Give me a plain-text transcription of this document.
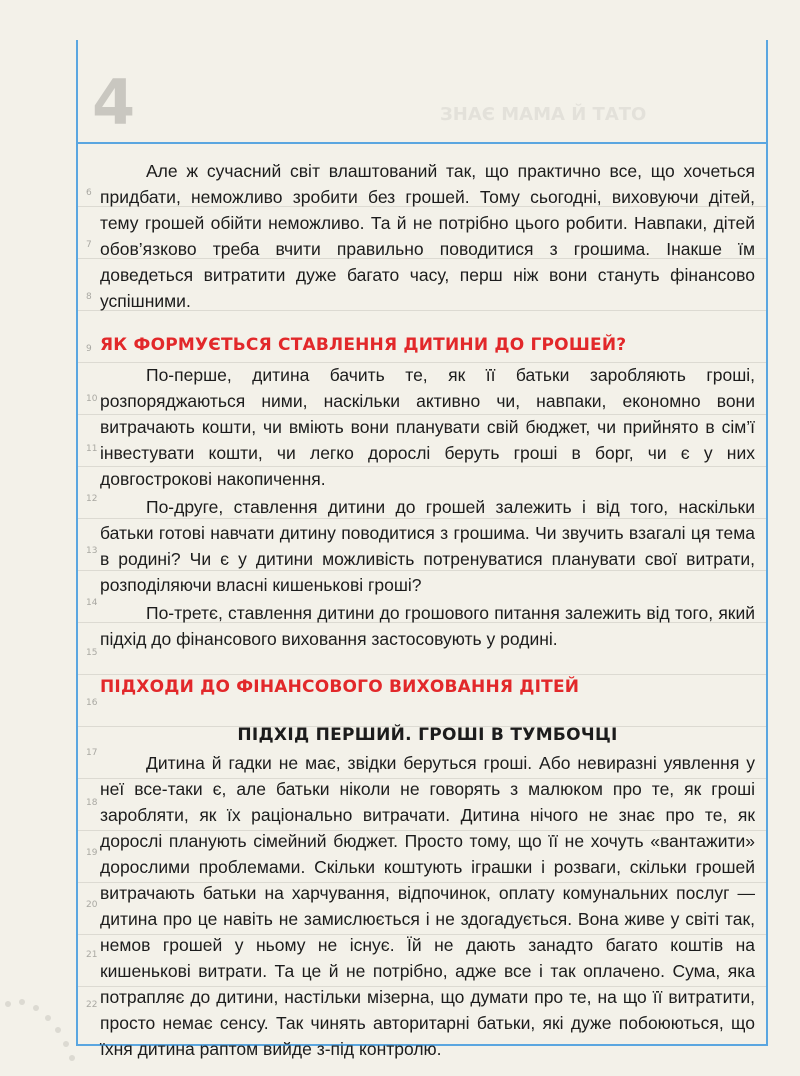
4	ЗНАЄ МАМА Й ТАТО
6
7
8
9
10
11
12
13
14
15
16
17
18
19
20
21
22

Але ж сучасний світ влаштований так, що практично все, що хочеться придбати, неможливо зробити без грошей. Тому сьогодні, виховуючи дітей, тему грошей обійти неможливо. Та й не потрібно цього робити. Навпаки, дітей обов’язково треба вчити правильно поводитися з грошима. Інакше їм доведеться витратити дуже багато часу, перш ніж вони стануть фінансово успішними.

ЯК ФОРМУЄТЬСЯ СТАВЛЕННЯ ДИТИНИ ДО ГРОШЕЙ?

По-перше, дитина бачить те, як її батьки заробляють гроші, розпоряджаються ними, наскільки активно чи, навпаки, економно вони витрачають кошти, чи вміють вони планувати свій бюджет, чи прийнято в сім’ї інвестувати кошти, чи легко дорослі беруть гроші в борг, чи є у них довгострокові накопичення.

По-друге, ставлення дитини до грошей залежить і від того, наскільки батьки готові навчати дитину поводитися з грошима. Чи звучить взагалі ця тема в родині? Чи є у дитини можливість потренуватися планувати свої витрати, розподіляючи власні кишенькові гроші?

По-третє, ставлення дитини до грошового питання залежить від того, який підхід до фінансового виховання застосовують у родині.

ПІДХОДИ ДО ФІНАНСОВОГО ВИХОВАННЯ ДІТЕЙ
ПІДХІД ПЕРШИЙ. ГРОШІ В ТУМБОЧЦІ

Дитина й гадки не має, звідки беруться гроші. Або невиразні уявлення у неї все-таки є, але батьки ніколи не говорять з малюком про те, як гроші заробляти, як їх раціонально витрачати. Дитина нічого не знає про те, як дорослі планують сімейний бюджет. Просто тому, що її не хочуть «вантажити» дорослими проблемами. Скільки коштують іграшки і розваги, скільки грошей витрачають батьки на харчування, відпочинок, оплату комунальних послуг — дитина про це навіть не замислюється і не здогадується. Вона живе у світі так, немов грошей у ньому не існує. Їй не дають занадто багато коштів на кишенькові витрати. Та це й не потрібно, адже все і так оплачено. Сума, яка потрапляє до дитини, настільки мізерна, що думати про те, на що її витратити, просто немає сенсу. Так чинять авторитарні батьки, які дуже побоюються, що їхня дитина раптом вийде з-під контролю.
